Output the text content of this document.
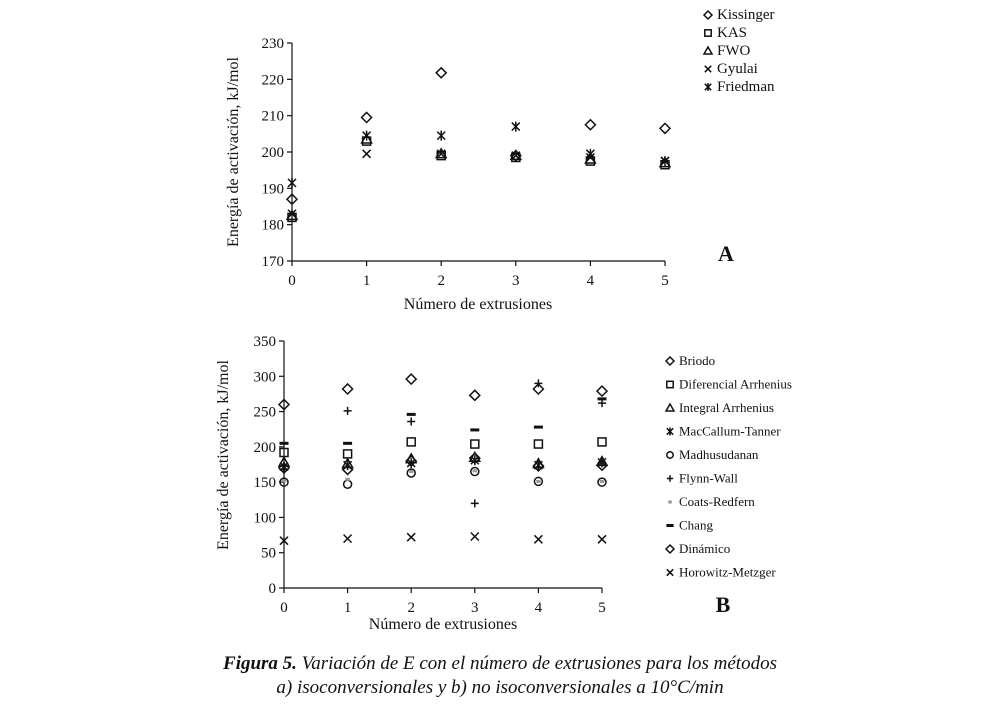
170
180
190
200
210
220
230
0	1	2	3	4	5
Número de extrusiones
Energía de activación, kJ/mol
Kissinger
KAS
FWO
Gyulai
Friedman
A
0
50
100
150
200
250
300
350
0	1	2	3	4	5
Número de extrusiones
Energía de activación, kJ/mol	Briodo
Diferencial Arrhenius
Integral Arrhenius
MacCallum-Tanner
Madhusudanan
Flynn-Wall
Coats-Redfern
Chang
Dinámico
Horowitz-Metzger
B
Figura 5. Variación de E con el número de extrusiones para los métodos
a) isoconversionales y b) no isoconversionales a 10°C/min
